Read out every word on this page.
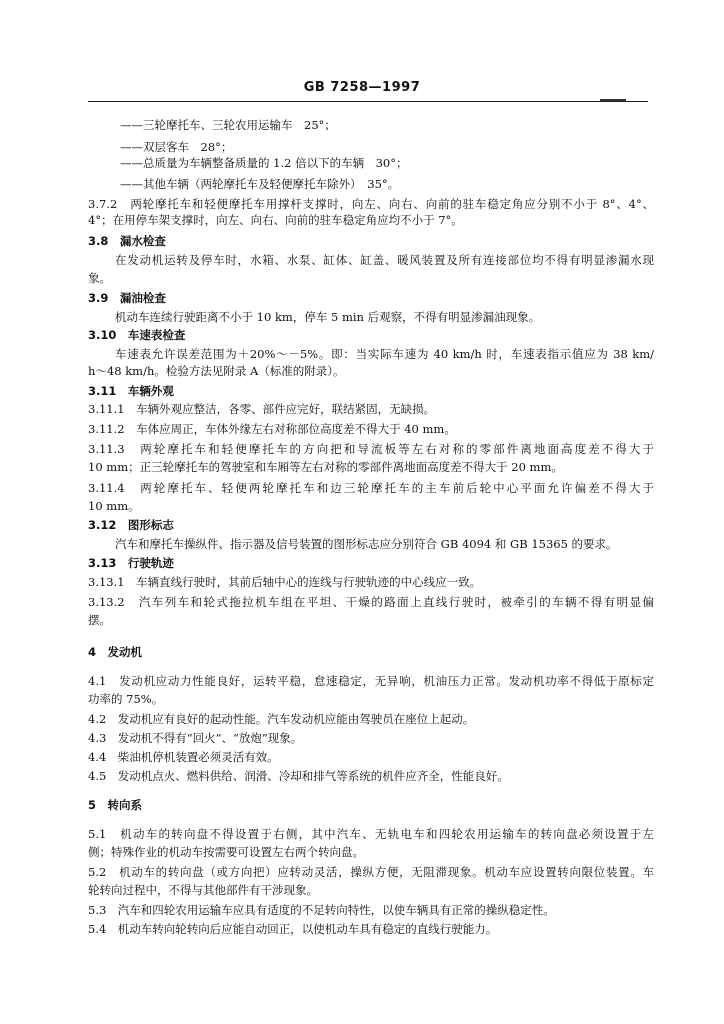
GB 7258—1997
——三轮摩托车、三轮农用运输车　25°；
——双层客车　28°；
——总质量为车辆整备质量的 1.2 倍以下的车辆　30°；
——其他车辆（两轮摩托车及轻便摩托车除外）　35°。
3.7.2　两轮摩托车和轻便摩托车用撑杆支撑时，向左、向右、向前的驻车稳定角应分别不小于 8°、4°、
4°；在用停车架支撑时，向左、向右、向前的驻车稳定角应均不小于 7°。
3.8　漏水检查
在发动机运转及停车时，水箱、水泵、缸体、缸盖、暖风装置及所有连接部位均不得有明显渗漏水现
象。
3.9　漏油检查
机动车连续行驶距离不小于 10 km，停车 5 min 后观察，不得有明显渗漏油现象。
3.10　车速表检查
车速表允许误差范围为＋20%～－5%。即：当实际车速为 40 km/h 时，车速表指示值应为 38 km/
h～48 km/h。检验方法见附录 A（标准的附录）。
3.11　车辆外观
3.11.1　车辆外观应整洁，各零、部件应完好，联结紧固，无缺损。
3.11.2　车体应周正，车体外缘左右对称部位高度差不得大于 40 mm。
3.11.3　两轮摩托车和轻便摩托车的方向把和导流板等左右对称的零部件离地面高度差不得大于
10 mm；正三轮摩托车的驾驶室和车厢等左右对称的零部件离地面高度差不得大于 20 mm。
3.11.4　两轮摩托车、轻便两轮摩托车和边三轮摩托车的主车前后轮中心平面允许偏差不得大于
10 mm。
3.12　图形标志
汽车和摩托车操纵件、指示器及信号装置的图形标志应分别符合 GB 4094 和 GB 15365 的要求。
3.13　行驶轨迹
3.13.1　车辆直线行驶时，其前后轴中心的连线与行驶轨迹的中心线应一致。
3.13.2　汽车列车和轮式拖拉机车组在平坦、干燥的路面上直线行驶时，被牵引的车辆不得有明显偏
摆。
4　发动机
4.1　发动机应动力性能良好，运转平稳，怠速稳定，无异响，机油压力正常。发动机功率不得低于原标定
功率的 75%。
4.2　发动机应有良好的起动性能。汽车发动机应能由驾驶员在座位上起动。
4.3　发动机不得有“回火”、“放炮”现象。
4.4　柴油机停机装置必须灵活有效。
4.5　发动机点火、燃料供给、润滑、冷却和排气等系统的机件应齐全，性能良好。
5　转向系
5.1　机动车的转向盘不得设置于右侧，其中汽车、无轨电车和四轮农用运输车的转向盘必须设置于左
侧；特殊作业的机动车按需要可设置左右两个转向盘。
5.2　机动车的转向盘（或方向把）应转动灵活，操纵方便，无阻滞现象。机动车应设置转向限位装置。车
轮转向过程中，不得与其他部件有干涉现象。
5.3　汽车和四轮农用运输车应具有适度的不足转向特性，以使车辆具有正常的操纵稳定性。
5.4　机动车转向轮转向后应能自动回正，以使机动车具有稳定的直线行驶能力。
